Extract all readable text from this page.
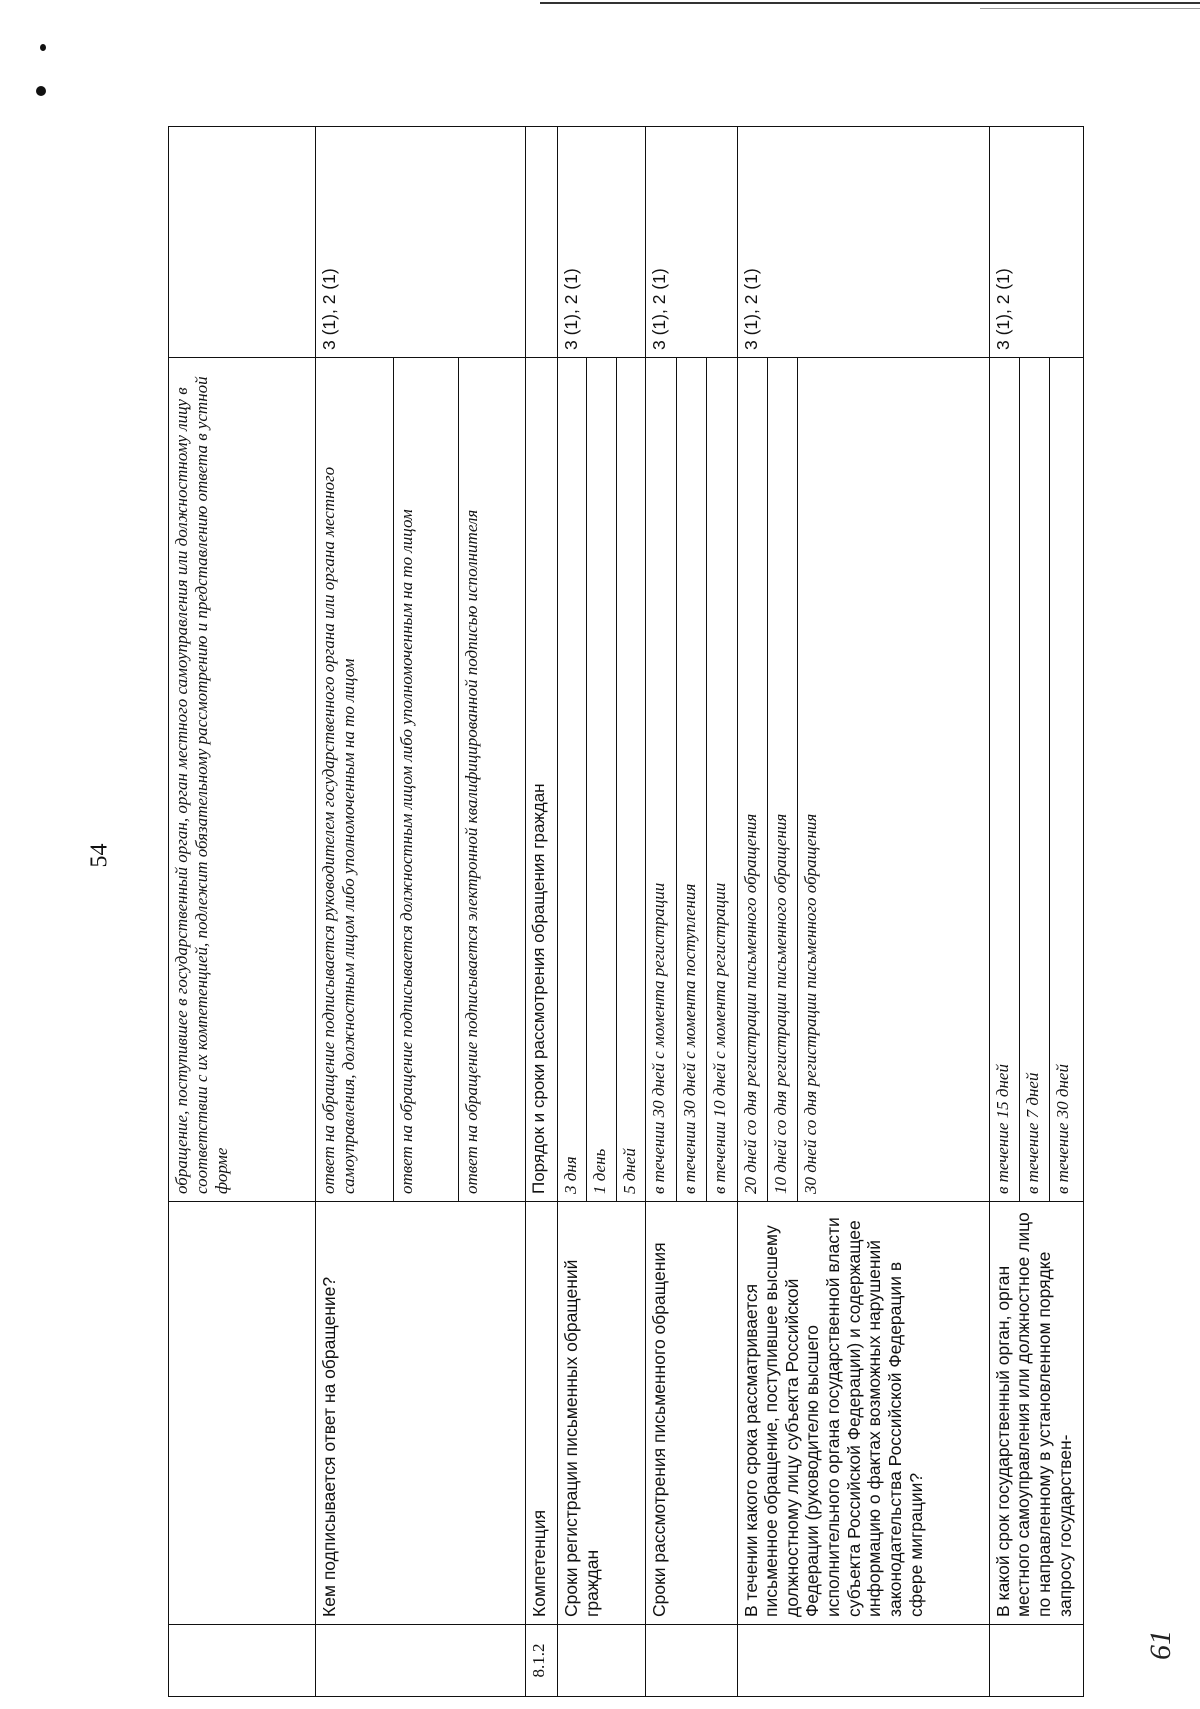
54
61
		обращение, поступившее в государственный орган, орган местного самоуправления или должностному лицу в соответствии с их компетенцией, подлежит обязательному рассмотрению и представлению ответа в устной форме	
	Кем подписывается ответ на обращение?	ответ на обращение подписывается руководителем государственного органа или органа местного самоуправления, должностным лицом либо уполномоченным на то лицом	3 (1), 2 (1)
		ответ на обращение подписывается должностным лицом либо уполномоченным на то лицом	
		ответ на обращение подписывается электронной квалифицированной подписью исполнителя	
8.1.2	Компетенция	Порядок и сроки рассмотрения обращения граждан	
	Сроки регистрации письменных обращений граждан	3 дня	3 (1), 2 (1)
		1 день	
		5 дней	
	Сроки рассмотрения письменного обращения	в течении 30 дней с момента регистрации	3 (1), 2 (1)
		в течении 30 дней с момента поступления	
		в течении 10 дней с момента регистрации	
	В течении какого срока рассматривается письменное обращение, поступившее высшему должностному лицу субъекта Российской Федерации (руководителю высшего исполнительного органа государственной власти субъекта Российской Федерации) и содержащее информацию о фактах возможных нарушений законодательства Российской Федерации в сфере миграции?	20 дней со дня регистрации письменного обращения	3 (1), 2 (1)
		10 дней со дня регистрации письменного обращения	
		30 дней со дня регистрации письменного обращения	
	В какой срок государственный орган, орган местного самоуправления или должностное лицо по направленному в установленном порядке запросу государствен-	в течение 15 дней	3 (1), 2 (1)
		в течение 7 дней	
		в течение 30 дней	
